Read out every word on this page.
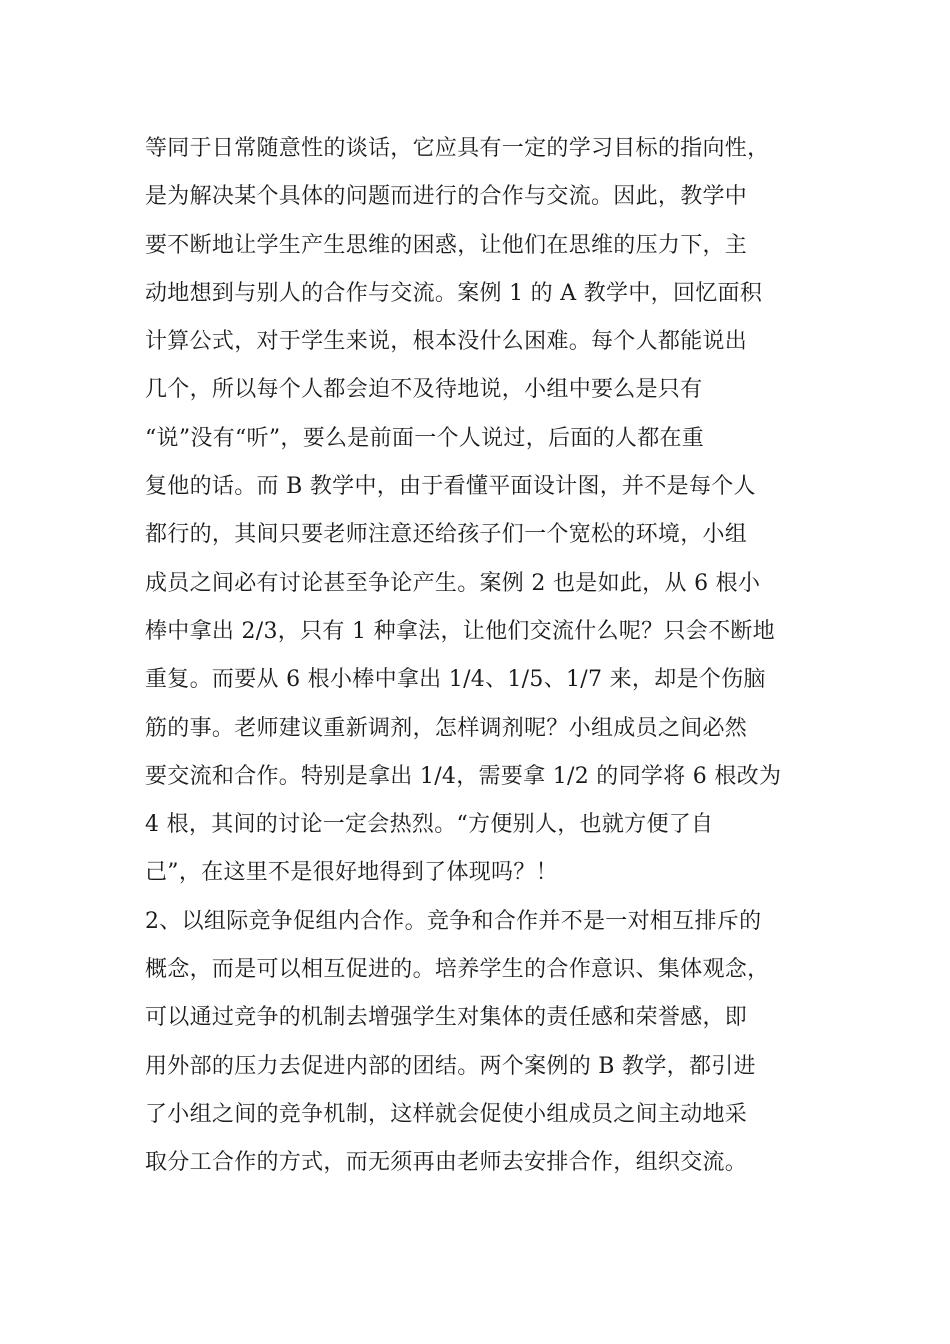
等同于日常随意性的谈话，它应具有一定的学习目标的指向性，
是为解决某个具体的问题而进行的合作与交流。因此，教学中
要不断地让学生产生思维的困惑，让他们在思维的压力下，主
动地想到与别人的合作与交流。案例 1 的 A 教学中，回忆面积
计算公式，对于学生来说，根本没什么困难。每个人都能说出
几个，所以每个人都会迫不及待地说，小组中要么是只有
“说”没有“听”，要么是前面一个人说过，后面的人都在重
复他的话。而 B 教学中，由于看懂平面设计图，并不是每个人
都行的，其间只要老师注意还给孩子们一个宽松的环境，小组
成员之间必有讨论甚至争论产生。案例 2 也是如此，从 6 根小
棒中拿出 2/3，只有 1 种拿法，让他们交流什么呢？只会不断地
重复。而要从 6 根小棒中拿出 1/4、1/5、1/7 来，却是个伤脑
筋的事。老师建议重新调剂，怎样调剂呢？小组成员之间必然
要交流和合作。特别是拿出 1/4，需要拿 1/2 的同学将 6 根改为
4 根，其间的讨论一定会热烈。“方便别人，也就方便了自
己”，在这里不是很好地得到了体现吗？！
2、以组际竞争促组内合作。竞争和合作并不是一对相互排斥的
概念，而是可以相互促进的。培养学生的合作意识、集体观念，
可以通过竞争的机制去增强学生对集体的责任感和荣誉感，即
用外部的压力去促进内部的团结。两个案例的 B 教学，都引进
了小组之间的竞争机制，这样就会促使小组成员之间主动地采
取分工合作的方式，而无须再由老师去安排合作，组织交流。
